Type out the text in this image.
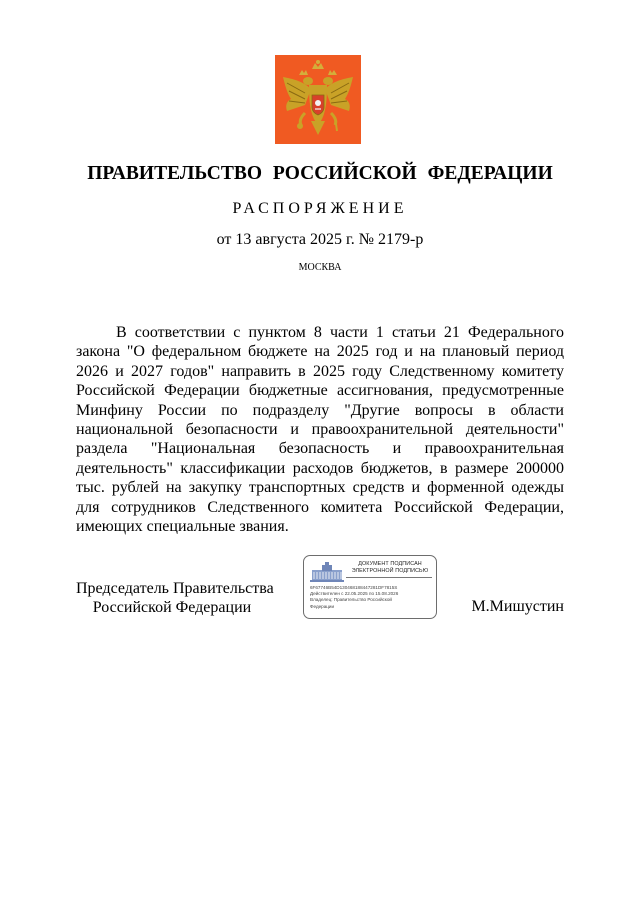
ПРАВИТЕЛЬСТВО РОССИЙСКОЙ ФЕДЕРАЦИИ
РАСПОРЯЖЕНИЕ
от 13 августа 2025 г. № 2179-р
МОСКВА
В соответствии с пунктом 8 части 1 статьи 21 Федерального закона "О федеральном бюджете на 2025 год и на плановый период 2026 и 2027 годов" направить в 2025 году Следственному комитету Российской Федерации бюджетные ассигнования, предусмотренные Минфину России по подразделу "Другие вопросы в области национальной безопасности и правоохранительной деятельности" раздела "Национальная безопасность и правоохранительная деятельность" классификации расходов бюджетов, в размере 200000 тыс. рублей на закупку транспортных средств и форменной одежды для сотрудников Следственного комитета Российской Федерации, имеющих специальные звания.
Председатель Правительства
Российской Федерации
ДОКУМЕНТ ПОДПИСАН
ЭЛЕКТРОННОЙ ПОДПИСЬЮ
6F67746B54D130468188447281DF7815S
Действителен с 22.05.2025 по 15.08.2026
Владелец: Правительство Российской
Федерации	М.Мишустин
